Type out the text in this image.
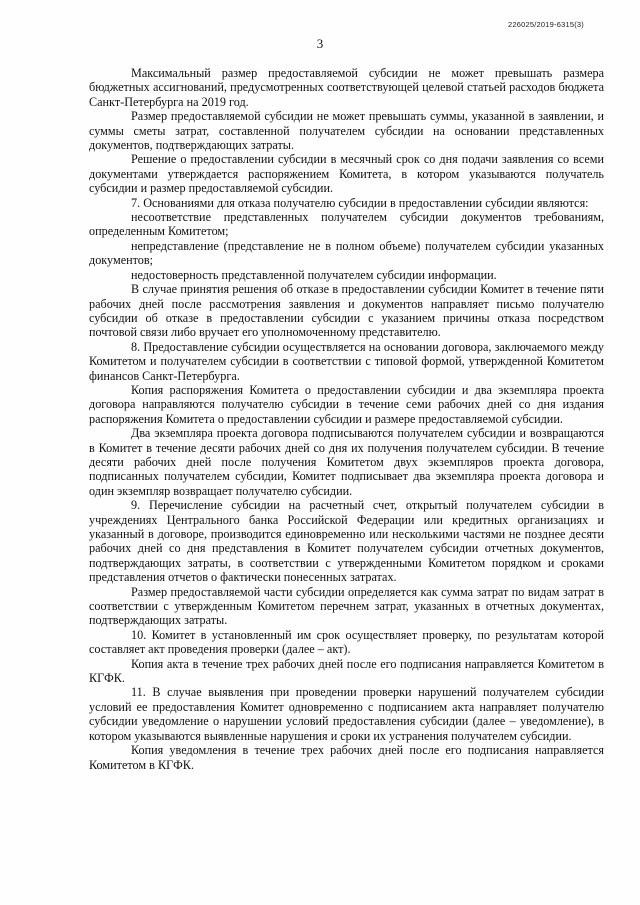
226025/2019-6315(3)
3

Максимальный размер предоставляемой субсидии не может превышать размера бюджетных ассигнований, предусмотренных соответствующей целевой статьей расходов бюджета Санкт-Петербурга на 2019 год.

Размер предоставляемой субсидии не может превышать суммы, указанной в заявлении, и суммы сметы затрат, составленной получателем субсидии на основании представленных документов, подтверждающих затраты.

Решение о предоставлении субсидии в месячный срок со дня подачи заявления со всеми документами утверждается распоряжением Комитета, в котором указываются получатель субсидии и размер предоставляемой субсидии.

7. Основаниями для отказа получателю субсидии в предоставлении субсидии являются:

несоответствие представленных получателем субсидии документов требованиям, определенным Комитетом;

непредставление (представление не в полном объеме) получателем субсидии указанных документов;

недостоверность представленной получателем субсидии информации.

В случае принятия решения об отказе в предоставлении субсидии Комитет в течение пяти рабочих дней после рассмотрения заявления и документов направляет письмо получателю субсидии об отказе в предоставлении субсидии с указанием причины отказа посредством почтовой связи либо вручает его уполномоченному представителю.

8. Предоставление субсидии осуществляется на основании договора, заключаемого между Комитетом и получателем субсидии в соответствии с типовой формой, утвержденной Комитетом финансов Санкт-Петербурга.

Копия распоряжения Комитета о предоставлении субсидии и два экземпляра проекта договора направляются получателю субсидии в течение семи рабочих дней со дня издания распоряжения Комитета о предоставлении субсидии и размере предоставляемой субсидии.

Два экземпляра проекта договора подписываются получателем субсидии и возвращаются в Комитет в течение десяти рабочих дней со дня их получения получателем субсидии. В течение десяти рабочих дней после получения Комитетом двух экземпляров проекта договора, подписанных получателем субсидии, Комитет подписывает два экземпляра проекта договора и один экземпляр возвращает получателю субсидии.

9. Перечисление субсидии на расчетный счет, открытый получателем субсидии в учреждениях Центрального банка Российской Федерации или кредитных организациях и указанный в договоре, производится единовременно или несколькими частями не позднее десяти рабочих дней со дня представления в Комитет получателем субсидии отчетных документов, подтверждающих затраты, в соответствии с утвержденными Комитетом порядком и сроками представления отчетов о фактически понесенных затратах.

Размер предоставляемой части субсидии определяется как сумма затрат по видам затрат в соответствии с утвержденным Комитетом перечнем затрат, указанных в отчетных документах, подтверждающих затраты.

10. Комитет в установленный им срок осуществляет проверку, по результатам которой составляет акт проведения проверки (далее – акт).

Копия акта в течение трех рабочих дней после его подписания направляется Комитетом в КГФК.

11. В случае выявления при проведении проверки нарушений получателем субсидии условий ее предоставления Комитет одновременно с подписанием акта направляет получателю субсидии уведомление о нарушении условий предоставления субсидии (далее – уведомление), в котором указываются выявленные нарушения и сроки их устранения получателем субсидии.

Копия уведомления в течение трех рабочих дней после его подписания направляется Комитетом в КГФК.
